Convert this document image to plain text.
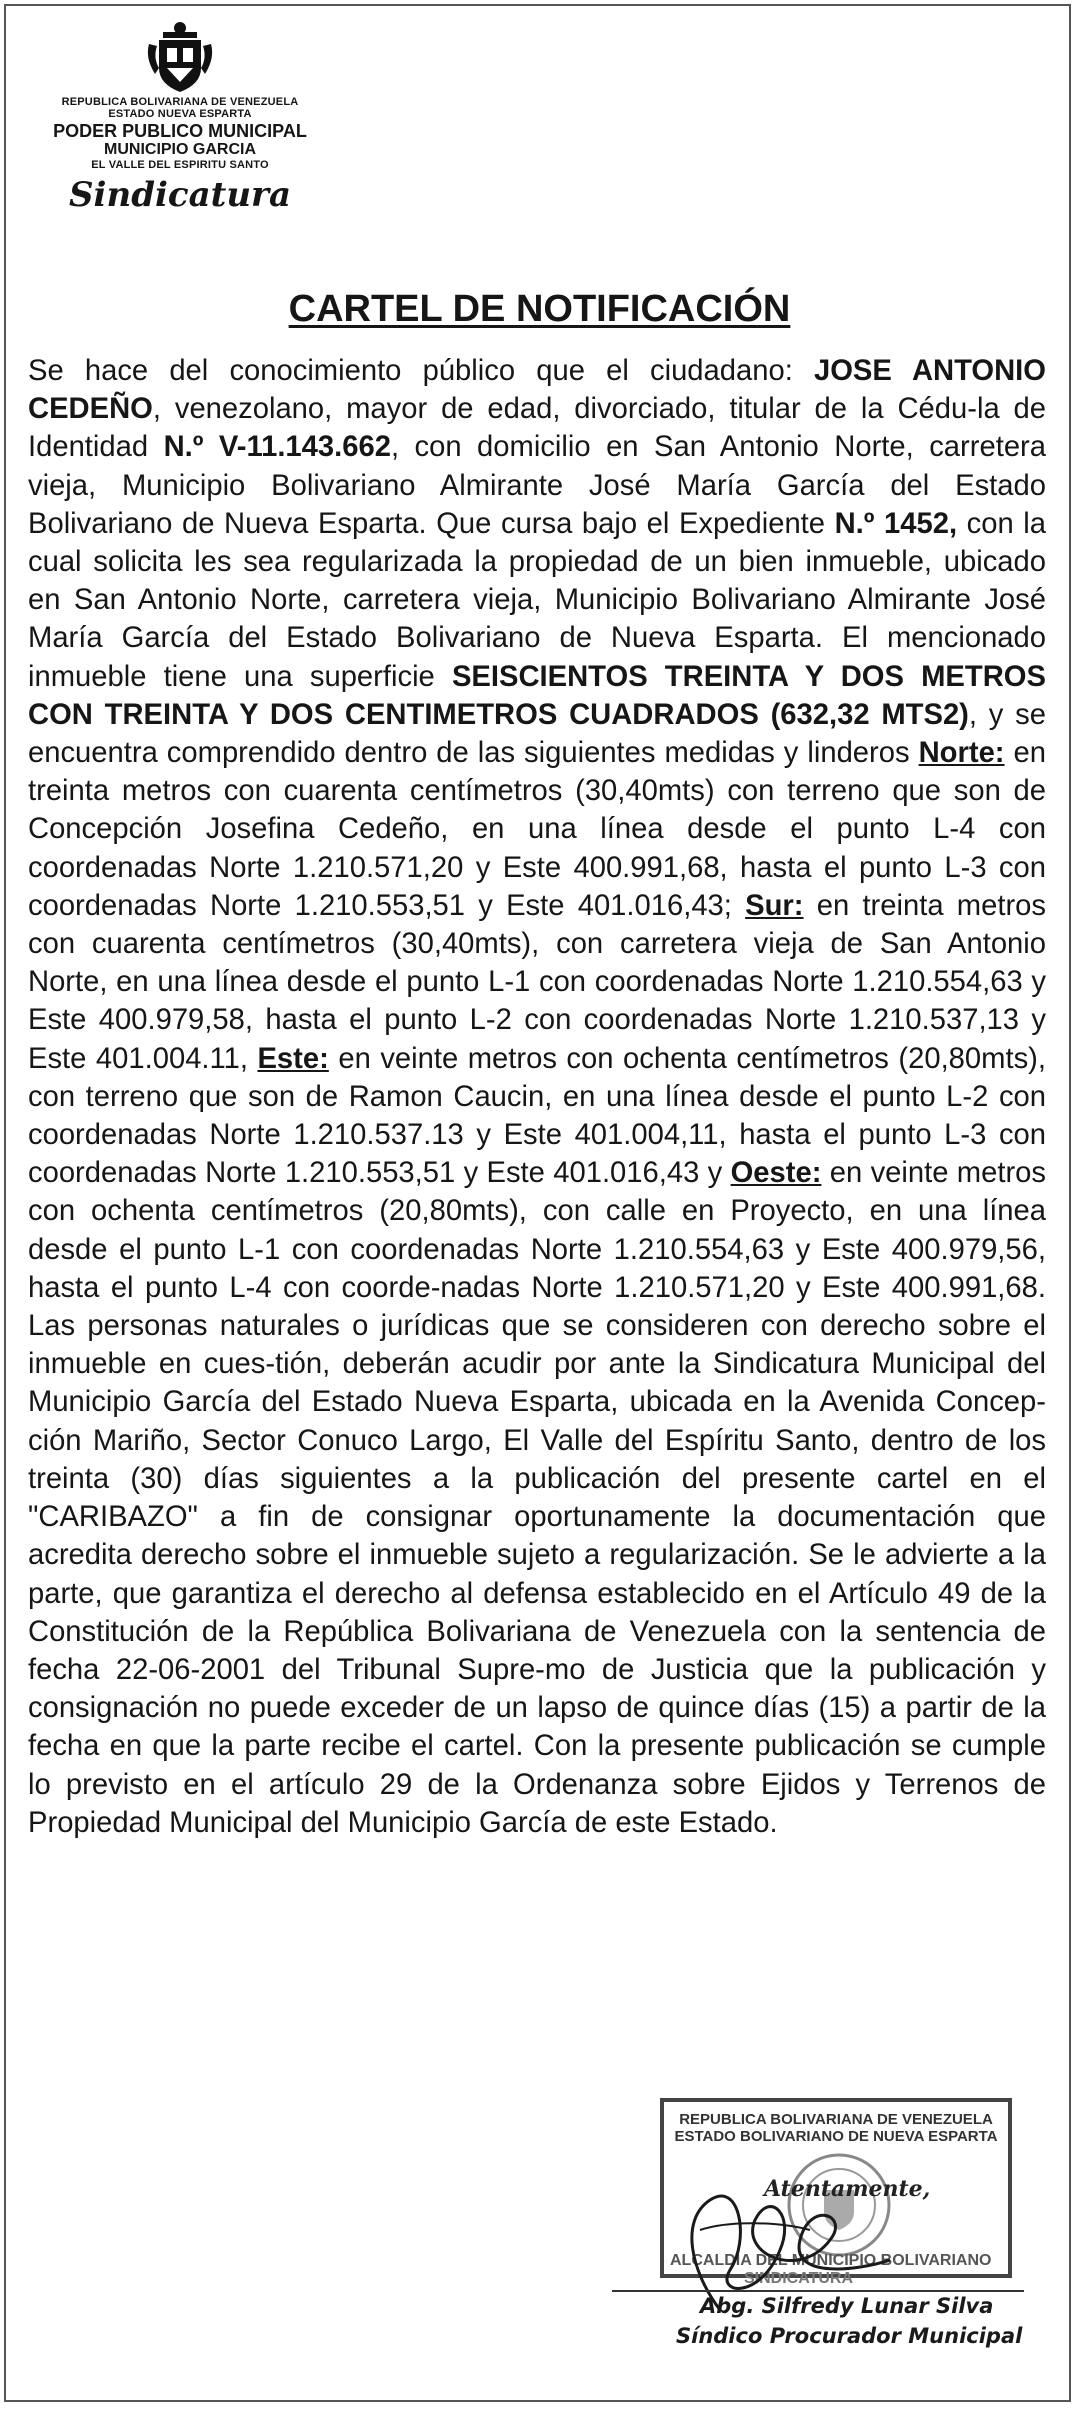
REPUBLICA BOLIVARIANA DE VENEZUELA

ESTADO NUEVA ESPARTA

PODER PUBLICO MUNICIPAL

MUNICIPIO GARCIA

EL VALLE DEL ESPIRITU SANTO

Sindicatura

CARTEL DE NOTIFICACIÓN

Se hace del conocimiento público que el ciudadano: JOSE ANTONIO CEDEÑO, venezolano, mayor de edad, divorciado, titular de la Cédu-la de Identidad N.º V-11.143.662, con domicilio en San Antonio Norte, carretera vieja, Municipio Bolivariano Almirante José María García del Estado Bolivariano de Nueva Esparta. Que cursa bajo el Expediente N.º 1452, con la cual solicita les sea regularizada la propiedad de un bien inmueble, ubicado en San Antonio Norte, carretera vieja, Municipio Bolivariano Almirante José María García del Estado Bolivariano de Nueva Esparta. El mencionado inmueble tiene una superficie SEISCIENTOS TREINTA Y DOS METROS CON TREINTA Y DOS CENTIMETROS CUADRADOS (632,32 MTS2), y se encuentra comprendido dentro de las siguientes medidas y linderos Norte: en treinta metros con cuarenta centímetros (30,40mts) con terreno que son de Concepción Josefina Cedeño, en una línea desde el punto L-4 con coordenadas Norte 1.210.571,20 y Este 400.991,68, hasta el punto L-3 con coordenadas Norte 1.210.553,51 y Este 401.016,43; Sur: en treinta metros con cuarenta centímetros (30,40mts), con carretera vieja de San Antonio Norte, en una línea desde el punto L-1 con coordenadas Norte 1.210.554,63 y Este 400.979,58, hasta el punto L-2 con coordenadas Norte 1.210.537,13 y Este 401.004.11, Este: en veinte metros con ochenta centímetros (20,80mts), con terreno que son de Ramon Caucin, en una línea desde el punto L-2 con coordenadas Norte 1.210.537.13 y Este 401.004,11, hasta el punto L-3 con coordenadas Norte 1.210.553,51 y Este 401.016,43 y Oeste: en veinte metros con ochenta centímetros (20,80mts), con calle en Proyecto, en una línea desde el punto L-1 con coordenadas Norte 1.210.554,63 y Este 400.979,56, hasta el punto L-4 con coorde-nadas Norte 1.210.571,20 y Este 400.991,68. Las personas naturales o jurídicas que se consideren con derecho sobre el inmueble en cues-tión, deberán acudir por ante la Sindicatura Municipal del Municipio García del Estado Nueva Esparta, ubicada en la Avenida Concep-ción Mariño, Sector Conuco Largo, El Valle del Espíritu Santo, dentro de los treinta (30) días siguientes a la publicación del presente cartel en el "CARIBAZO" a fin de consignar oportunamente la documentación que acredita derecho sobre el inmueble sujeto a regularización. Se le advierte a la parte, que garantiza el derecho al defensa establecido en el Artículo 49 de la Constitución de la República Bolivariana de Venezuela con la sentencia de fecha 22-06-2001 del Tribunal Supre-mo de Justicia que la publicación y consignación no puede exceder de un lapso de quince días (15) a partir de la fecha en que la parte recibe el cartel. Con la presente publicación se cumple lo previsto en el artículo 29 de la Ordenanza sobre Ejidos y Terrenos de Propiedad Municipal del Municipio García de este Estado.

REPUBLICA BOLIVARIANA DE VENEZUELA
ESTADO BOLIVARIANO DE NUEVA ESPARTA
Atentamente,
ALCALDIA DEL MUNICIPIO BOLIVARIANO
SINDICATURA
Abg. Silfredy Lunar Silva
Síndico Procurador Municipal
